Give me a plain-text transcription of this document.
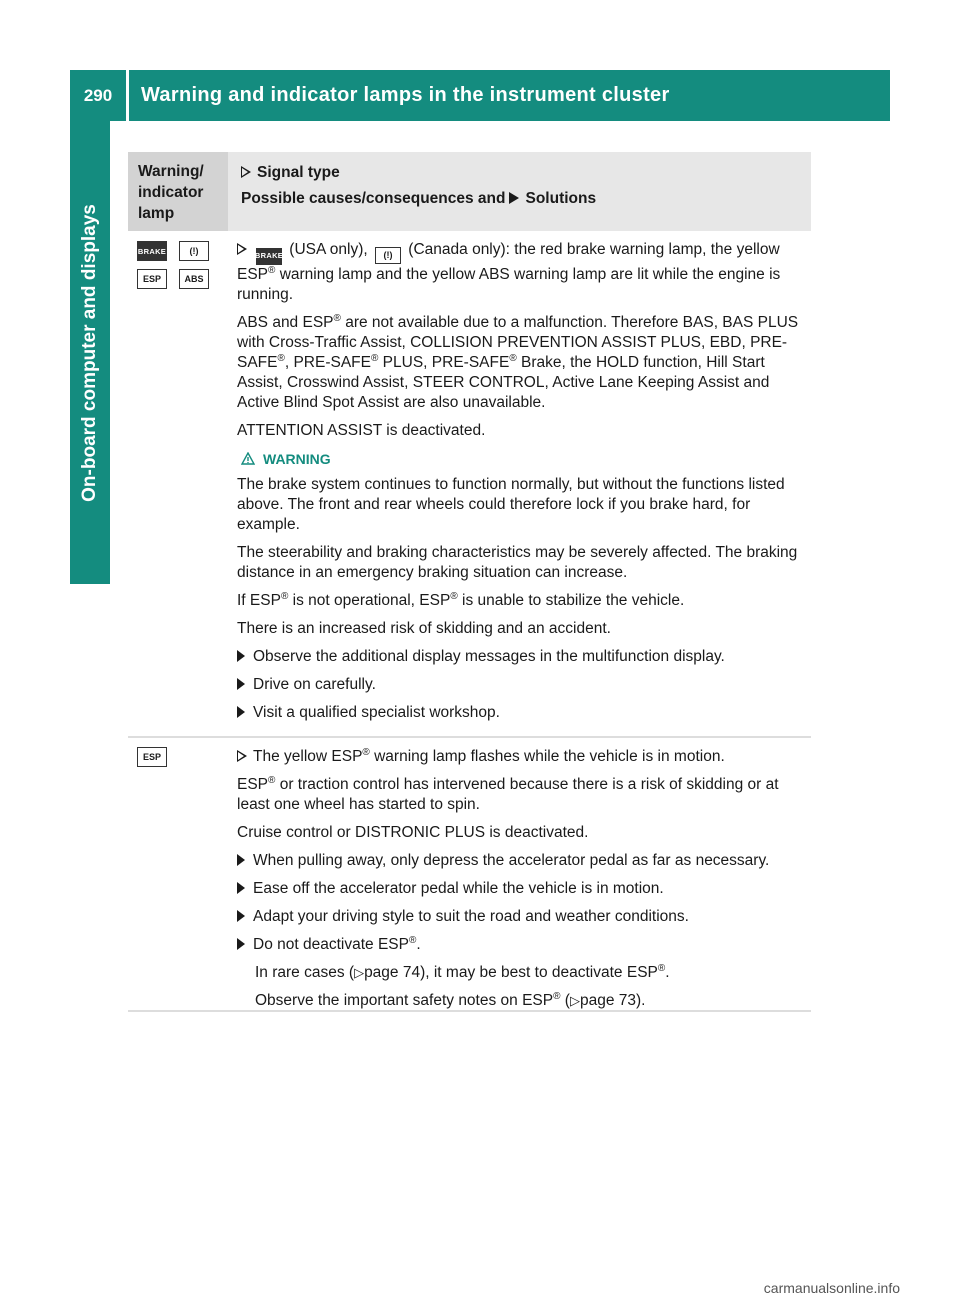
290	Warning and indicator lamps in the instrument cluster
On-board computer and displays
Warning/ indicator lamp
Signal type
Possible causes/consequences and Solutions
BRAKE	(!)
ESP	ABS

BRAKE (USA only), (!) (Canada only): the red brake warning lamp, the yellow ESP® warning lamp and the yellow ABS warning lamp are lit while the engine is running.

ABS and ESP® are not available due to a malfunction. Therefore BAS, BAS PLUS with Cross-Traffic Assist, COLLISION PREVENTION ASSIST PLUS, EBD, PRE-SAFE®, PRE-SAFE® PLUS, PRE-SAFE® Brake, the HOLD function, Hill Start Assist, Crosswind Assist, STEER CONTROL, Active Lane Keeping Assist and Active Blind Spot Assist are also unavailable.

ATTENTION ASSIST is deactivated.

WARNING

The brake system continues to function normally, but without the functions listed above. The front and rear wheels could therefore lock if you brake hard, for example.

The steerability and braking characteristics may be severely affected. The braking distance in an emergency braking situation can increase.

If ESP® is not operational, ESP® is unable to stabilize the vehicle.

There is an increased risk of skidding and an accident.

Observe the additional display messages in the multifunction display.

Drive on carefully.

Visit a qualified specialist workshop.

ESP	The yellow ESP® warning lamp flashes while the vehicle is in motion.

ESP® or traction control has intervened because there is a risk of skidding or at least one wheel has started to spin.

Cruise control or DISTRONIC PLUS is deactivated.

When pulling away, only depress the accelerator pedal as far as necessary.

Ease off the accelerator pedal while the vehicle is in motion.

Adapt your driving style to suit the road and weather conditions.

Do not deactivate ESP®.

In rare cases (▷page 74), it may be best to deactivate ESP®.

Observe the important safety notes on ESP® (▷page 73).

carmanualsonline.info
